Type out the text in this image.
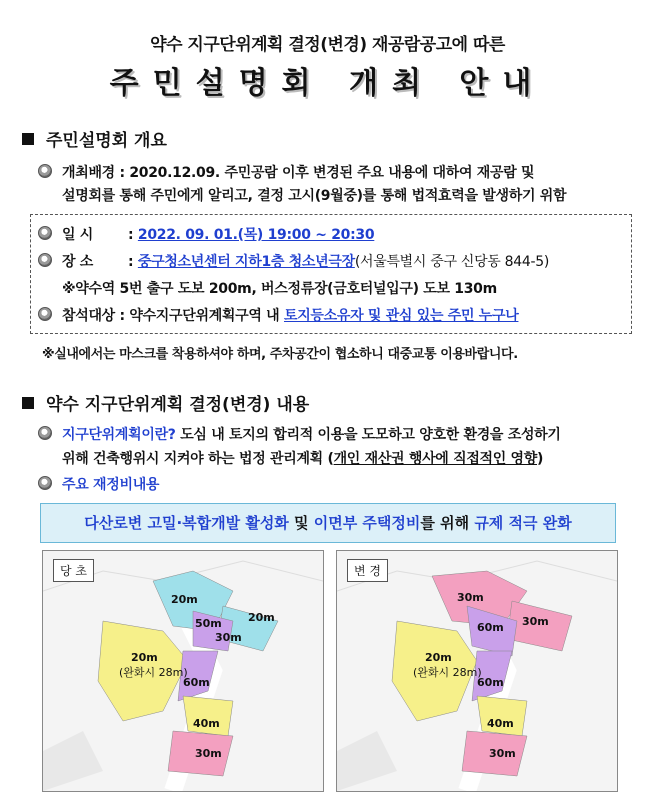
약수 지구단위계획 결정(변경) 재공람공고에 따른
주민설명회 개최 안내
주민설명회 개요
개최배경 : 2020.12.09. 주민공람 이후 변경된 주요 내용에 대하여 재공람 및
설명회를 통해 주민에게 알리고, 결정 고시(9월중)를 통해 법적효력을 발생하기 위함
일 시 : 2022. 09. 01.(목) 19:00 ~ 20:30
장 소 : 중구청소년센터 지하1층 청소년극장(서울특별시 중구 신당동 844-5)
※약수역 5번 출구 도보 200m, 버스정류장(금호터널입구) 도보 130m
참석대상 : 약수지구단위계획구역 내 토지등소유자 및 관심 있는 주민 누구나
※실내에서는 마스크를 착용하셔야 하며, 주차공간이 협소하니 대중교통 이용바랍니다.
약수 지구단위계획 결정(변경) 내용
지구단위계획이란? 도심 내 토지의 합리적 이용을 도모하고 양호한 환경을 조성하기
위해 건축행위시 지켜야 하는 법정 관리계획 (개인 재산권 행사에 직접적인 영향)
주요 재정비내용
다산로변 고밀·복합개발 활성화 및 이면부 주택정비를 위해 규제 적극 완화
당 초
20m
50m 20m
30m
20m
(완화시 28m)
60m
40m
30m
변 경
30m
60m 30m
20m
(완화시 28m)
60m
40m
30m
